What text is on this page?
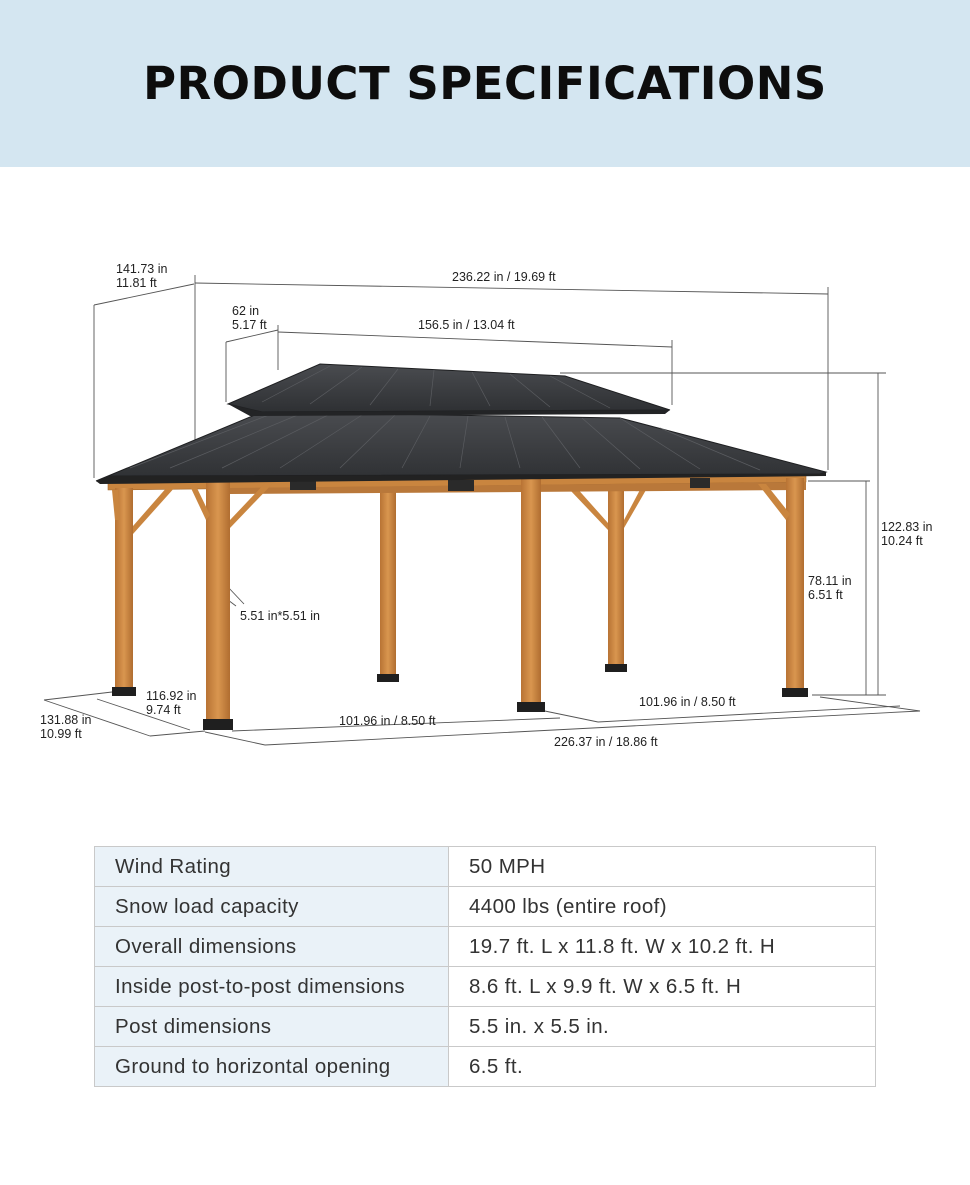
PRODUCT SPECIFICATIONS
141.73 in
11.81 ft	236.22 in / 19.69 ft
62 in
5.17 ft	156.5 in / 13.04 ft
122.83 in
10.24 ft
78.11 in
6.51 ft
5.51 in*5.51 in
116.92 in
9.74 ft
131.88 in
10.99 ft
101.96 in / 8.50 ft
101.96 in / 8.50 ft
226.37 in / 18.86 ft
Wind Rating	50 MPH
Snow load capacity	4400 lbs (entire roof)
Overall dimensions	19.7 ft. L x 11.8 ft. W x 10.2 ft. H
Inside post-to-post dimensions	8.6 ft. L x 9.9 ft. W x 6.5 ft. H
Post dimensions	5.5 in. x 5.5 in.
Ground to horizontal opening	6.5 ft.
